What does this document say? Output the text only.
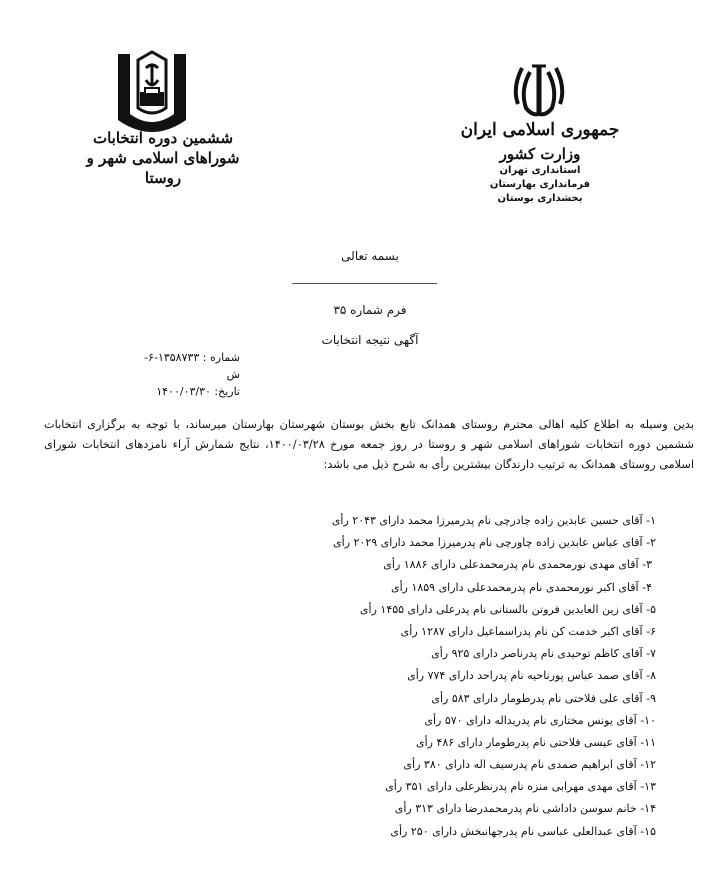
ششمین دوره انتخابات
شوراهای اسلامی شهر و روستا
جمهوری اسلامی ایران
وزارت کشور
استانداری تهران
فرمانداری بهارستان
بخشداری بوستان
بسمه تعالی
فرم شماره ۳۵
آگهی نتیجه انتخابات
شماره : ۱۳۵۸۷۳۳-۶-ش
تاریخ: ۱۴۰۰/۰۳/۳۰
بدین وسیله به اطلاع کلیه اهالی محترم روستای همدانک تابع بخش بوستان شهرستان بهارستان میرساند، با توجه به برگزاری انتخابات ششمین دوره انتخابات شوراهای اسلامی شهر و روستا در روز جمعه مورخ ۱۴۰۰/۰۳/۲۸، نتایج شمارش آراء نامزدهای انتخابات شورای اسلامی روستای همدانک به ترتیب دارندگان بیشترین رأی به شرح ذیل می باشد:
۱- آقای حسین عابدین زاده چادرچی نام پدرمیرزا محمد دارای ۲۰۴۳ رأی
۲- آقای عباس عابدین زاده چاورچی نام پدرمیرزا محمد دارای ۲۰۲۹ رأی
۳- آقای مهدی نورمحمدی نام پدرمحمدعلی دارای ۱۸۸۶ رأی
۴- آقای اکبر نورمحمدی نام پدرمحمدعلی دارای ۱۸۵۹ رأی
۵- آقای زین العابدین فروتن بالستانی نام پدرعلی دارای ۱۴۵۵ رأی
۶- آقای اکبر خدمت کن نام پدراسماعیل دارای ۱۲۸۷ رأی
۷- آقای کاظم توحیدی نام پدرناصر دارای ۹۲۵ رأی
۸- آقای صمد عباس پورناحیه نام پدراحد دارای ۷۷۴ رأی
۹- آقای علی فلاحتی نام پدرطومار دارای ۵۸۳ رأی
۱۰- آقای یونس مختاری نام پدریداله دارای ۵۷۰ رأی
۱۱- آقای عیسی فلاحتی نام پدرطومار دارای ۴۸۶ رأی
۱۲- آقای ابراهیم صمدی نام پدرسیف اله دارای ۳۸۰ رأی
۱۳- آقای مهدی مهرابی منزه نام پدرنظرعلی دارای ۳۵۱ رأی
۱۴- خانم سوسن داداشی نام پدرمحمدرضا دارای ۳۱۳ رأی
۱۵- آقای عبدالعلی عباسی نام پدرجهانبخش دارای ۲۵۰ رأی
